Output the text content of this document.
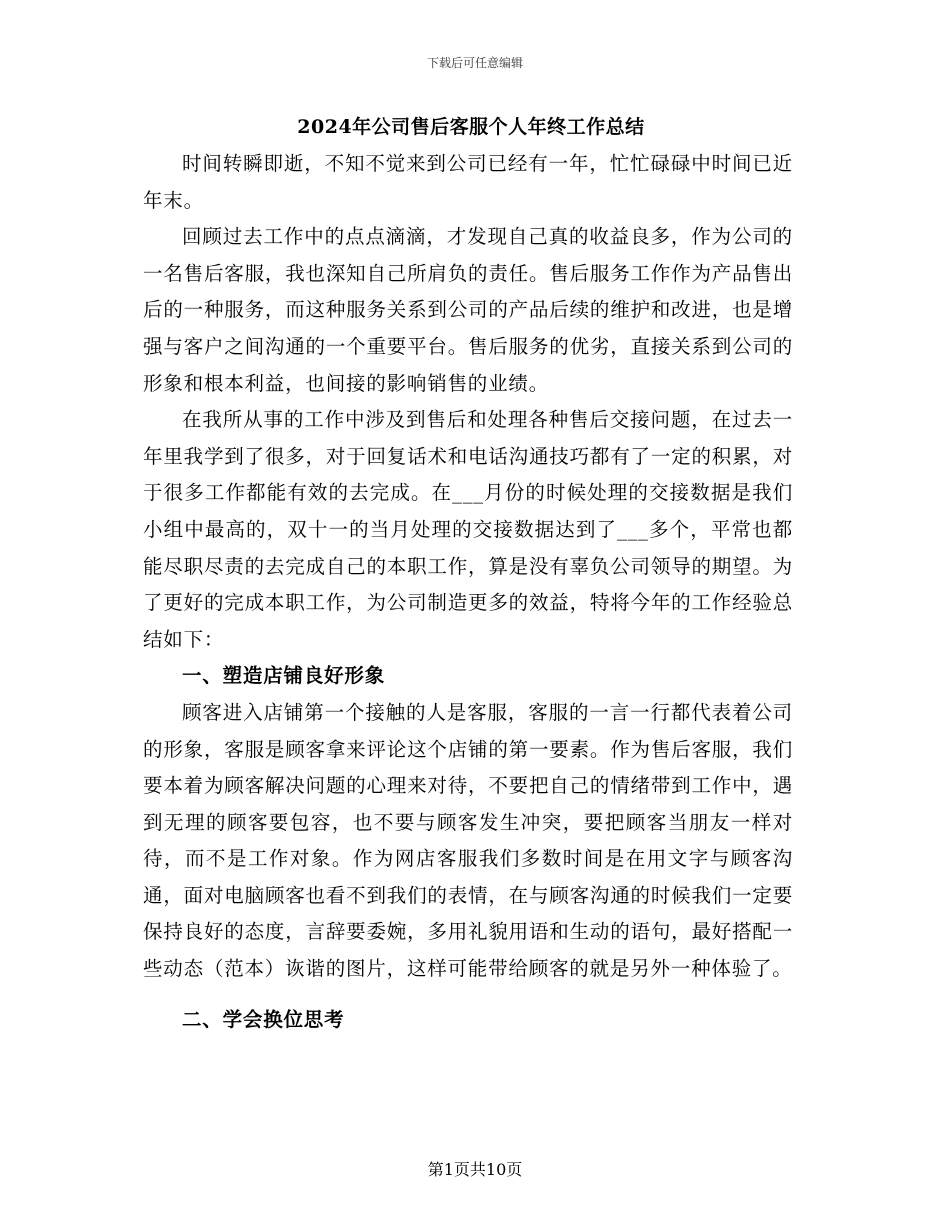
下载后可任意编辑
2024年公司售后客服个人年终工作总结

时间转瞬即逝，不知不觉来到公司已经有一年，忙忙碌碌中时间已近年末。

回顾过去工作中的点点滴滴，才发现自己真的收益良多，作为公司的一名售后客服，我也深知自己所肩负的责任。售后服务工作作为产品售出后的一种服务，而这种服务关系到公司的产品后续的维护和改进，也是增强与客户之间沟通的一个重要平台。售后服务的优劣，直接关系到公司的形象和根本利益，也间接的影响销售的业绩。

在我所从事的工作中涉及到售后和处理各种售后交接问题，在过去一年里我学到了很多，对于回复话术和电话沟通技巧都有了一定的积累，对于很多工作都能有效的去完成。在___月份的时候处理的交接数据是我们小组中最高的，双十一的当月处理的交接数据达到了___多个，平常也都能尽职尽责的去完成自己的本职工作，算是没有辜负公司领导的期望。为了更好的完成本职工作，为公司制造更多的效益，特将今年的工作经验总结如下：

一、塑造店铺良好形象

顾客进入店铺第一个接触的人是客服，客服的一言一行都代表着公司的形象，客服是顾客拿来评论这个店铺的第一要素。作为售后客服，我们要本着为顾客解决问题的心理来对待，不要把自己的情绪带到工作中，遇到无理的顾客要包容，也不要与顾客发生冲突，要把顾客当朋友一样对待，而不是工作对象。作为网店客服我们多数时间是在用文字与顾客沟通，面对电脑顾客也看不到我们的表情，在与顾客沟通的时候我们一定要保持良好的态度，言辞要委婉，多用礼貌用语和生动的语句，最好搭配一些动态（范本）诙谐的图片，这样可能带给顾客的就是另外一种体验了。

二、学会换位思考
第1页共10页
